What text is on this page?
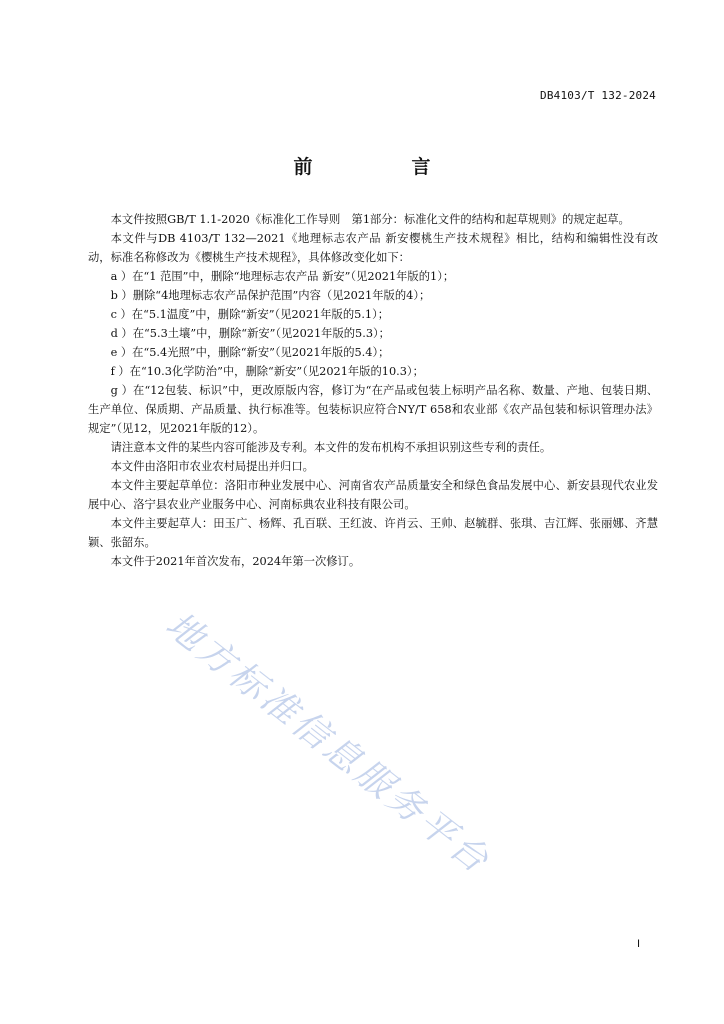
DB4103/T 132-2024
前　言

本文件按照GB/T 1.1-2020《标准化工作导则　第1部分：标准化文件的结构和起草规则》的规定起草。

本文件与DB 4103/T 132—2021《地理标志农产品 新安樱桃生产技术规程》相比，结构和编辑性没有改动，标准名称修改为《樱桃生产技术规程》，具体修改变化如下：

a ）在“1 范围”中，删除“地理标志农产品 新安”（见2021年版的1）；

b ）删除“4地理标志农产品保护范围”内容（见2021年版的4）；

c ）在“5.1温度”中，删除“新安”（见2021年版的5.1）；

d ）在“5.3土壤”中，删除“新安”（见2021年版的5.3）；

e ）在“5.4光照”中，删除“新安”（见2021年版的5.4）；

f ）在“10.3化学防治”中，删除“新安”（见2021年版的10.3）；

g ）在“12包装、标识”中，更改原版内容，修订为“在产品或包装上标明产品名称、数量、产地、包装日期、生产单位、保质期、产品质量、执行标准等。包装标识应符合NY/T 658和农业部《农产品包装和标识管理办法》规定”（见12，见2021年版的12）。

请注意本文件的某些内容可能涉及专利。本文件的发布机构不承担识别这些专利的责任。

本文件由洛阳市农业农村局提出并归口。

本文件主要起草单位：洛阳市种业发展中心、河南省农产品质量安全和绿色食品发展中心、新安县现代农业发展中心、洛宁县农业产业服务中心、河南标典农业科技有限公司。

本文件主要起草人：田玉广、杨辉、孔百联、王红波、许肖云、王帅、赵毓群、张琪、吉江辉、张丽娜、齐慧颖、张韶东。

本文件于2021年首次发布，2024年第一次修订。

地方标准信息服务平台
I
